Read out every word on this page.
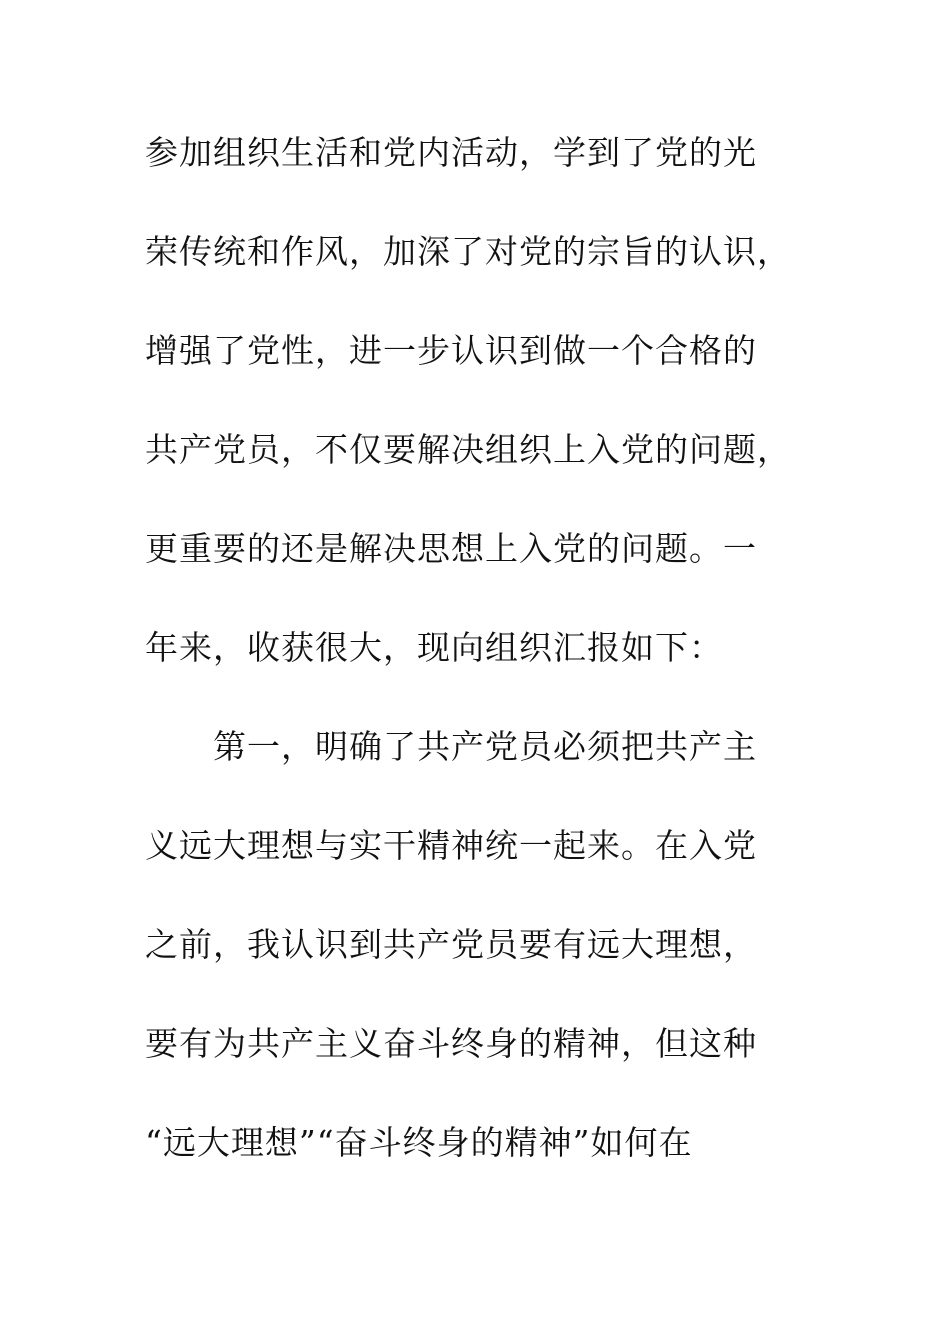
参加组织生活和党内活动，学到了党的光
荣传统和作风，加深了对党的宗旨的认识，
增强了党性，进一步认识到做一个合格的
共产党员，不仅要解决组织上入党的问题，
更重要的还是解决思想上入党的问题。一
年来，收获很大，现向组织汇报如下：
第一，明确了共产党员必须把共产主
义远大理想与实干精神统一起来。在入党
之前，我认识到共产党员要有远大理想，
要有为共产主义奋斗终身的精神，但这种
“远大理想”“奋斗终身的精神”如何在
